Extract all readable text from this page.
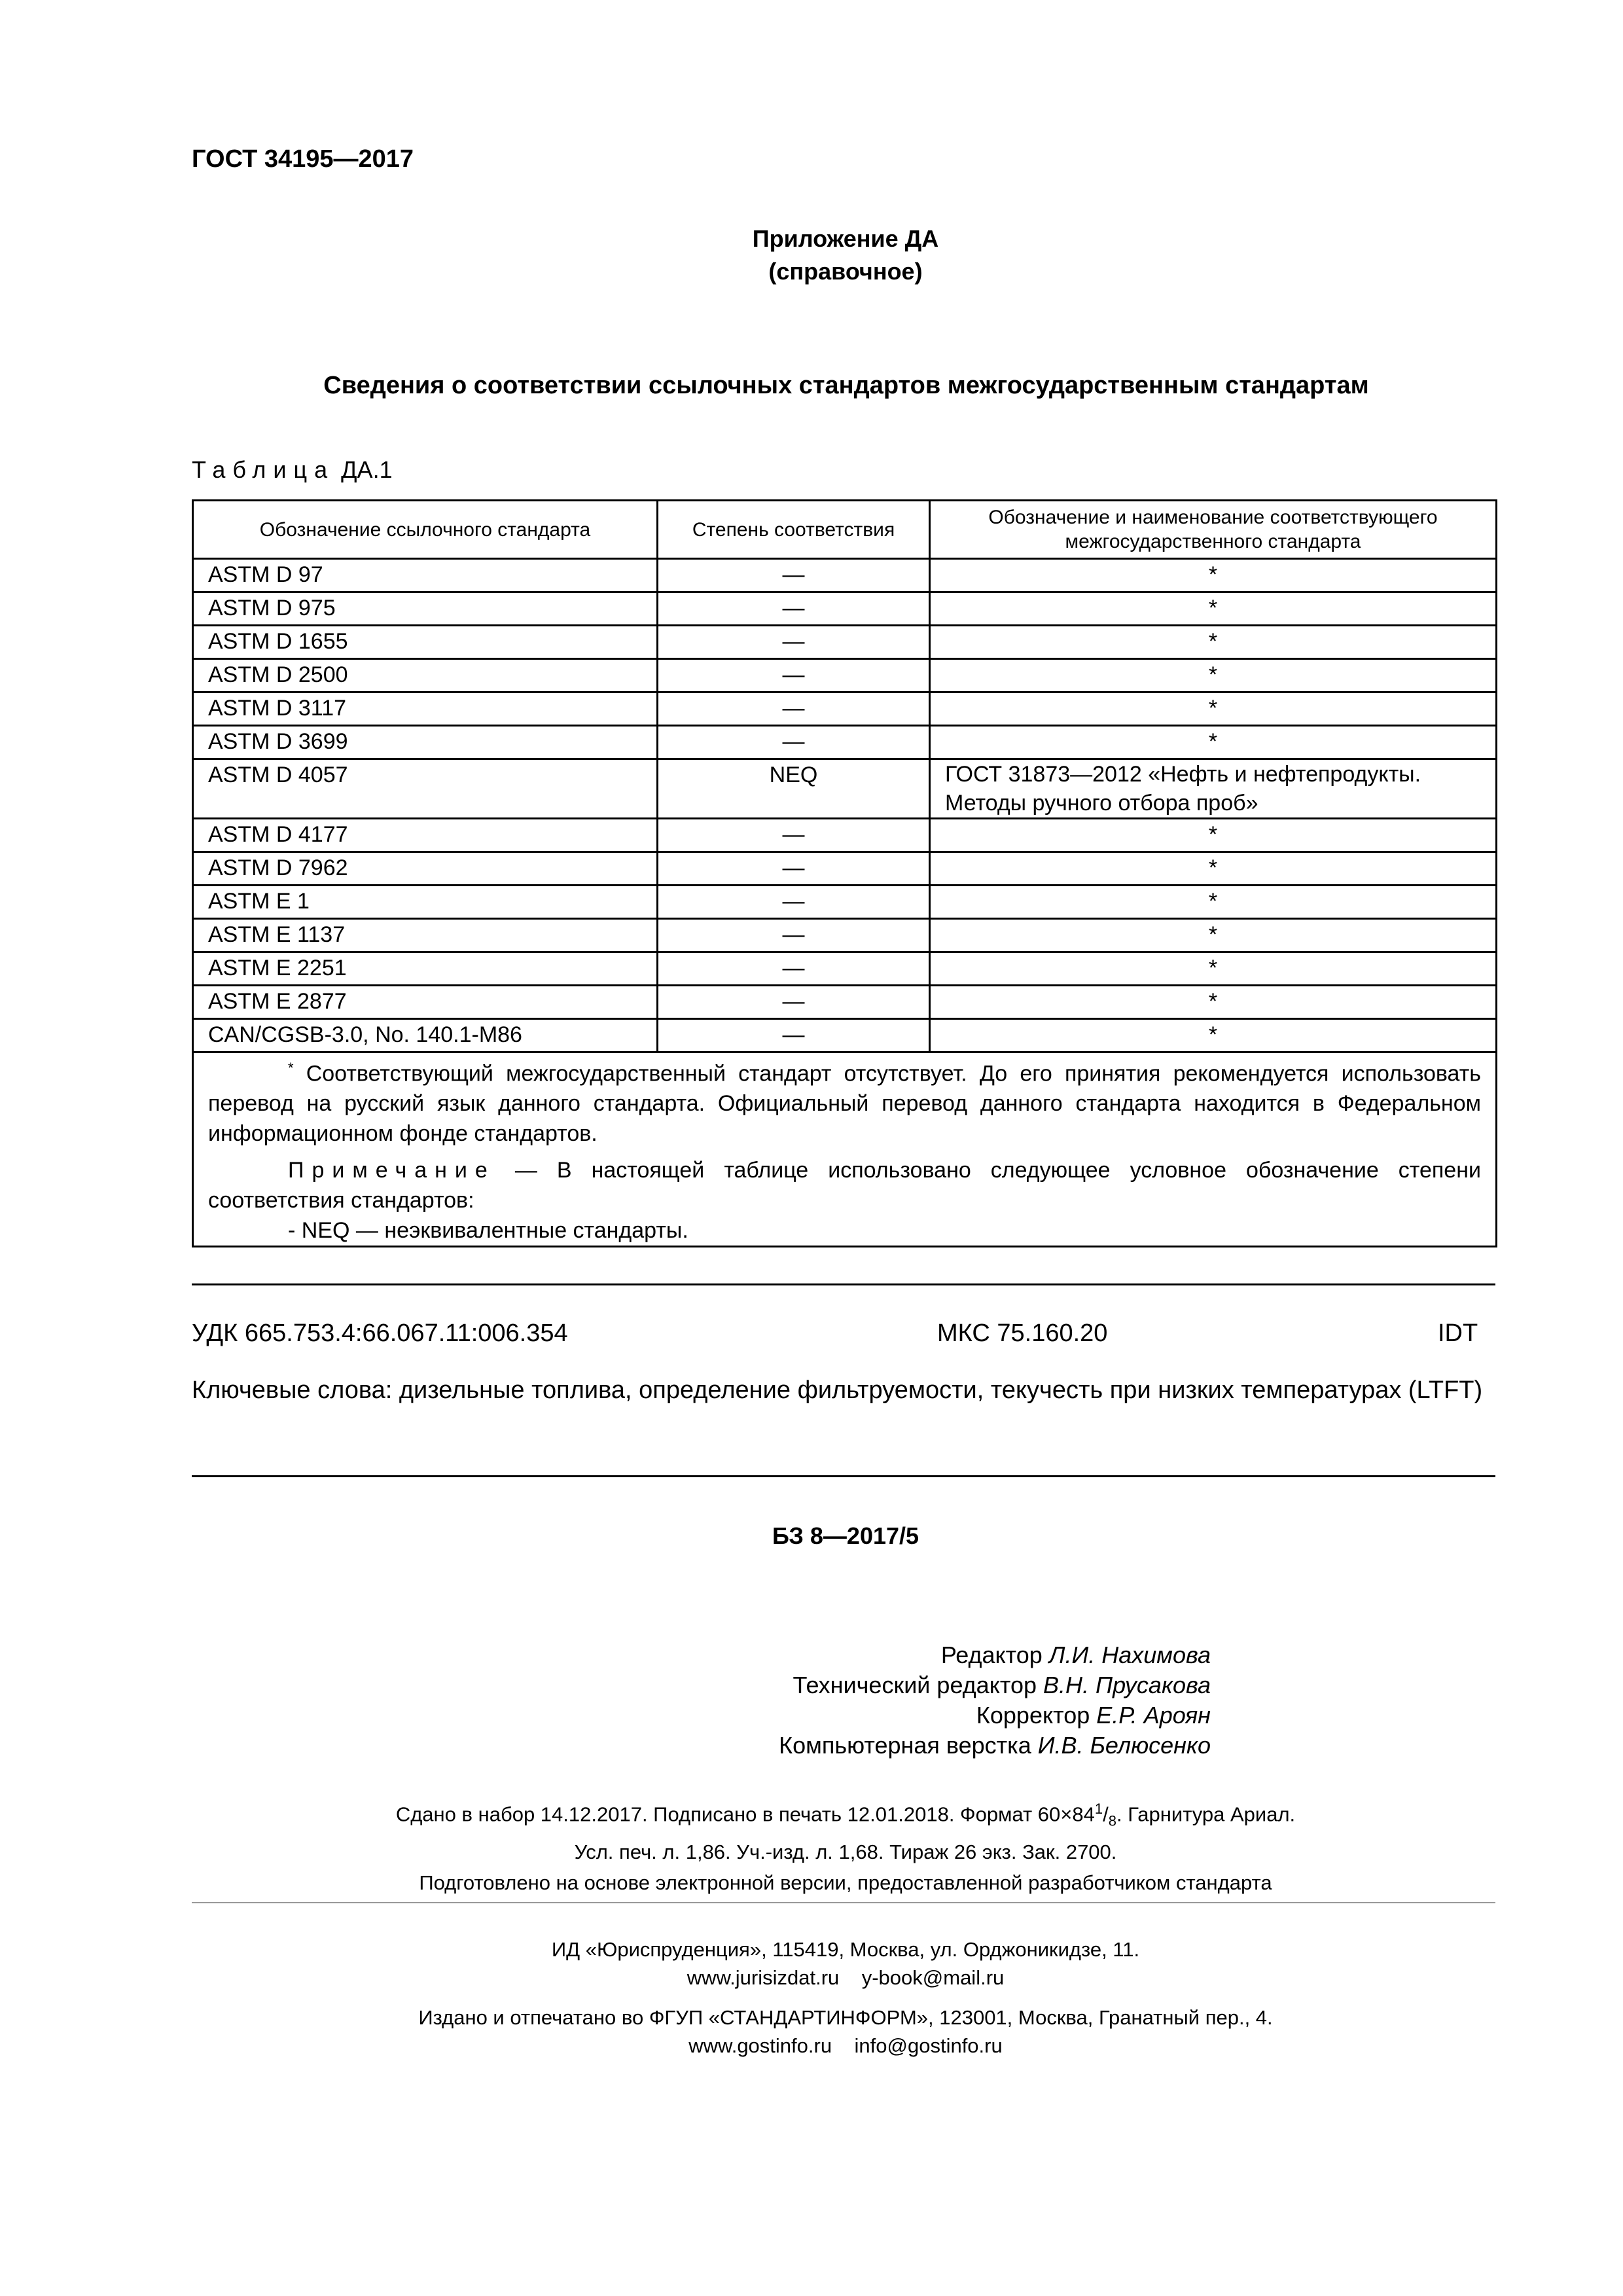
ГОСТ 34195—2017
Приложение ДА
(справочное)
Сведения о соответствии ссылочных стандартов межгосударственным стандартам
Таблица ДА.1
Обозначение ссылочного стандарта	Степень соответствия	Обозначение и наименование соответствующего межгосударственного стандарта
ASTM D 97	—	*
ASTM D 975	—	*
ASTM D 1655	—	*
ASTM D 2500	—	*
ASTM D 3117	—	*
ASTM D 3699	—	*
ASTM D 4057	NEQ	ГОСТ 31873—2012 «Нефть и нефтепродукты. Методы ручного отбора проб»
ASTM D 4177	—	*
ASTM D 7962	—	*
ASTM E 1	—	*
ASTM E 1137	—	*
ASTM E 2251	—	*
ASTM E 2877	—	*
CAN/CGSB-3.0, No. 140.1-M86	—	*

* Соответствующий межгосударственный стандарт отсутствует. До его принятия рекомендуется использовать перевод на русский язык данного стандарта. Официальный перевод данного стандарта находится в Федеральном информационном фонде стандартов.

Примечание — В настоящей таблице использовано следующее условное обозначение степени соответствия стандартов:

- NEQ — неэквивалентные стандарты.		

УДК 665.753.4:66.067.11:006.354	МКС 75.160.20	IDT
Ключевые слова: дизельные топлива, определение фильтруемости, текучесть при низких температурах (LTFT)
БЗ 8—2017/5
Редактор Л.И. Нахимова
Технический редактор В.Н. Прусакова
Корректор Е.Р. Ароян
Компьютерная верстка И.В. Белюсенко
Сдано в набор 14.12.2017. Подписано в печать 12.01.2018. Формат $60\times 84^1/_8$. Гарнитура Ариал.
Усл. печ. л. 1,86. Уч.-изд. л. 1,68. Тираж 26 экз. Зак. 2700.
Подготовлено на основе электронной версии, предоставленной разработчиком стандарта
ИД «Юриспруденция», 115419, Москва, ул. Орджоникидзе, 11.
www.jurisizdat.ru    y-book@mail.ru
Издано и отпечатано во ФГУП «СТАНДАРТИНФОРМ», 123001, Москва, Гранатный пер., 4.
www.gostinfo.ru    info@gostinfo.ru
